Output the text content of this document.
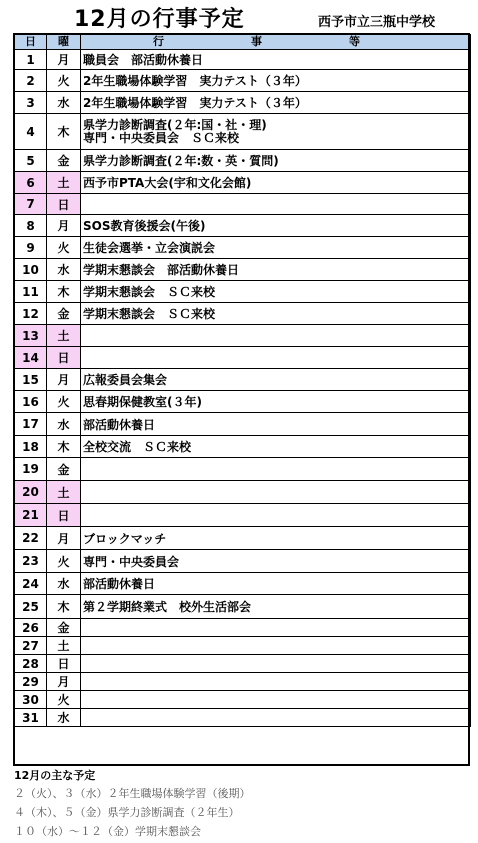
12月の行事予定	西予市立三瓶中学校
日	曜	行　事　等
1	月	職員会　部活動休養日
2	火	2年生職場体験学習　実力テスト（３年）
3	水	2年生職場体験学習　実力テスト（３年）
4	木	県学力診断調査(２年:国・社・理)
専門・中央委員会　ＳＣ来校

5	金	県学力診断調査(２年:数・英・質問)
6	土	西予市PTA大会(宇和文化会館)
7	日	
8	月	SOS教育後援会(午後)
9	火	生徒会選挙・立会演説会
10	水	学期末懇談会　部活動休養日
11	木	学期末懇談会　ＳＣ来校
12	金	学期末懇談会　ＳＣ来校
13	土	
14	日	
15	月	広報委員会集会
16	火	思春期保健教室(３年)
17	水	部活動休養日
18	木	全校交流　ＳＣ来校
19	金	
20	土	
21	日	
22	月	ブロックマッチ
23	火	専門・中央委員会
24	水	部活動休養日
25	木	第２学期終業式　校外生活部会
26	金	
27	土	
28	日	
29	月	
30	火	
31	水	
12月の主な予定
２（火）、３（水）２年生職場体験学習（後期）
４（木）、５（金）県学力診断調査（２年生）
１０（水）～１２（金）学期末懇談会
